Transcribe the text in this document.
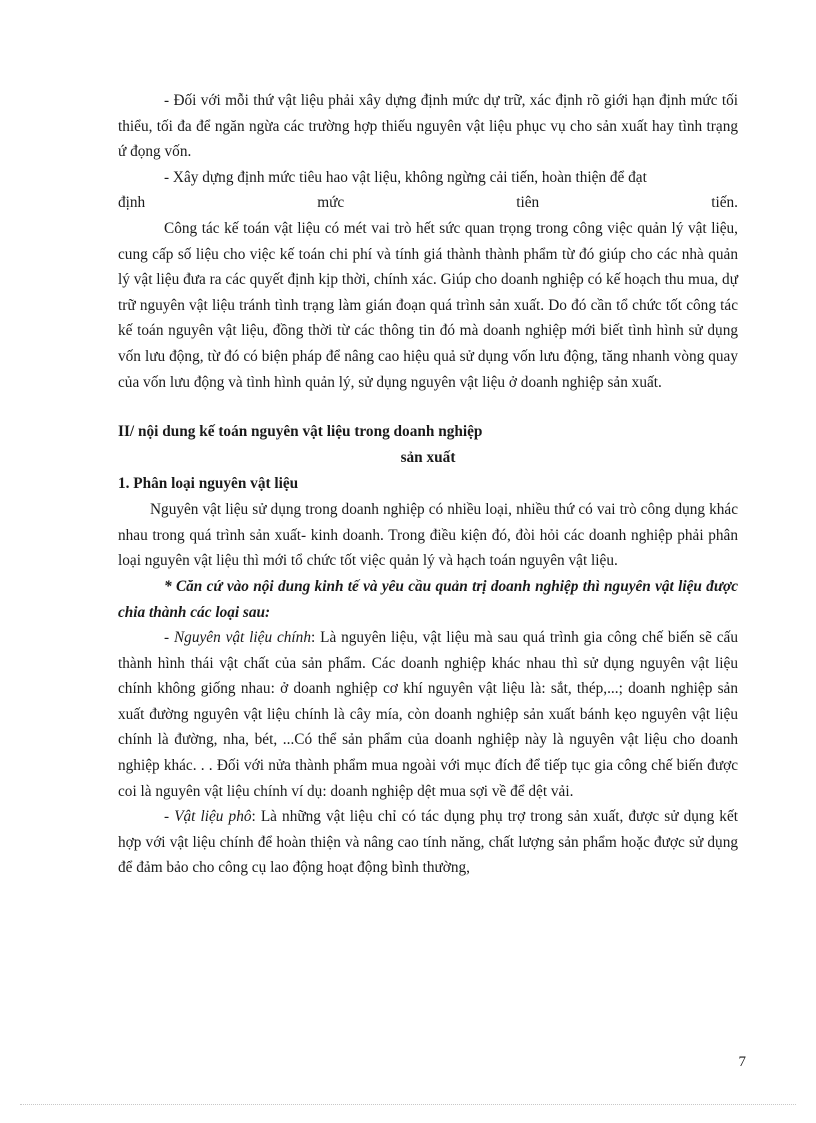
- Đối với mỗi thứ vật liệu phải xây dựng định mức dự trữ, xác định rõ giới hạn định mức tối thiểu, tối đa để ngăn ngừa các trường hợp thiếu nguyên vật liệu phục vụ cho sản xuất hay tình trạng ứ đọng vốn.

- Xây dựng định mức tiêu hao vật liệu, không ngừng cải tiến, hoàn thiện để đạt

định	mức	tiên	tiến.

Công tác kế toán vật liệu có mét vai trò hết sức quan trọng trong công việc quản lý vật liệu, cung cấp số liệu cho việc kế toán chi phí và tính giá thành thành phẩm từ đó giúp cho các nhà quản lý vật liệu đưa ra các quyết định kịp thời, chính xác. Giúp cho doanh nghiệp có kế hoạch thu mua, dự trữ nguyên vật liệu tránh tình trạng làm gián đoạn quá trình sản xuất. Do đó cần tổ chức tốt công tác kế toán nguyên vật liệu, đồng thời từ các thông tin đó mà doanh nghiệp mới biết tình hình sử dụng vốn lưu động, từ đó có biện pháp để nâng cao hiệu quả sử dụng vốn lưu động, tăng nhanh vòng quay của vốn lưu động và tình hình quản lý, sử dụng nguyên vật liệu ở doanh nghiệp sản xuất.

II/ nội dung kế toán nguyên vật liệu trong doanh nghiệp

sản xuất

1. Phân loại nguyên vật liệu

Nguyên vật liệu sử dụng trong doanh nghiệp có nhiều loại, nhiều thứ có vai trò công dụng khác nhau trong quá trình sản xuất- kinh doanh. Trong điều kiện đó, đòi hỏi các doanh nghiệp phải phân loại nguyên vật liệu thì mới tổ chức tốt việc quản lý và hạch toán nguyên vật liệu.

* Căn cứ vào nội dung kinh tế và yêu cầu quản trị doanh nghiệp thì nguyên vật liệu được chia thành các loại sau:

- Nguyên vật liệu chính: Là nguyên liệu, vật liệu mà sau quá trình gia công chế biến sẽ cấu thành hình thái vật chất của sản phẩm. Các doanh nghiệp khác nhau thì sử dụng nguyên vật liệu chính không giống nhau: ở doanh nghiệp cơ khí nguyên vật liệu là: sắt, thép,...; doanh nghiệp sản xuất đường nguyên vật liệu chính là cây mía, còn doanh nghiệp sản xuất bánh kẹo nguyên vật liệu chính là đường, nha, bét, ...Có thể sản phẩm của doanh nghiệp này là nguyên vật liệu cho doanh nghiệp khác. . . Đối với nửa thành phẩm mua ngoài với mục đích để tiếp tục gia công chế biến được coi là nguyên vật liệu chính ví dụ: doanh nghiệp dệt mua sợi về để dệt vải.

- Vật liệu phô: Là những vật liệu chỉ có tác dụng phụ trợ trong sản xuất, được sử dụng kết hợp với vật liệu chính để hoàn thiện và nâng cao tính năng, chất lượng sản phẩm hoặc được sử dụng để đảm bảo cho công cụ lao động hoạt động bình thường,

7
